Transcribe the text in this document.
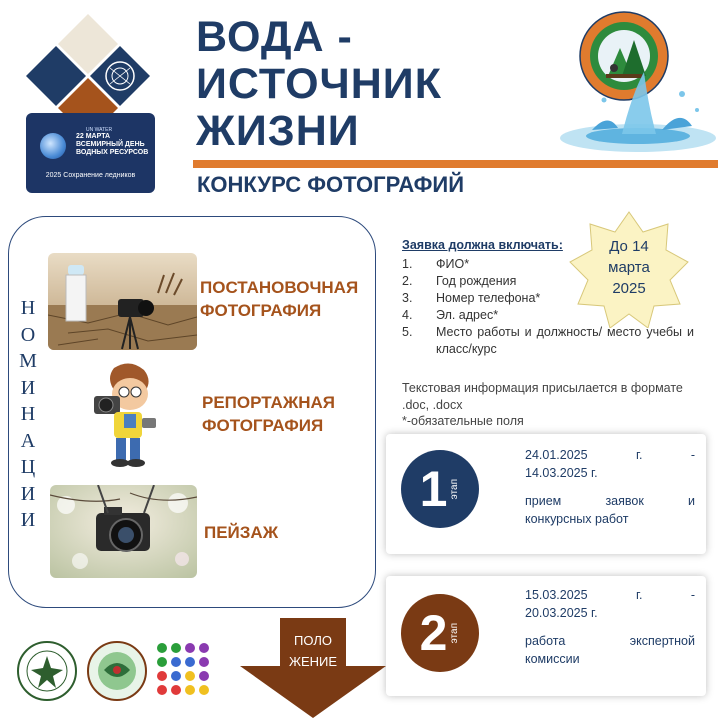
ВОДА -
ИСТОЧНИК
ЖИЗНИ
UN WATER
22 МАРТА ВСЕМИРНЫЙ ДЕНЬ ВОДНЫХ РЕСУРСОВ
2025 Сохранение ледников	КОНКУРС ФОТОГРАФИЙ
Н
О
М
И
Н
А
Ц
И
И
ПОСТАНОВОЧНАЯ ФОТОГРАФИЯ
РЕПОРТАЖНАЯ ФОТОГРАФИЯ
ПЕЙЗАЖ
Заявка должна включать:
1.	ФИО*
2.	Год рождения
3.	Номер телефона*
4.	Эл. адрес*
5.	Место работы и должность/ место учебы и класс/курс
Текстовая информация присылается в формате .doc, .docx
*-обязательные поля
До 14 марта 2025
1 этап
24.01.2025 г. -
14.03.2025 г.
прием заявок и
конкурсных работ
2 этап
15.03.2025 г. -
20.03.2025 г.
работа экспертной
комиссии
ПОЛО ЖЕНИЕ
